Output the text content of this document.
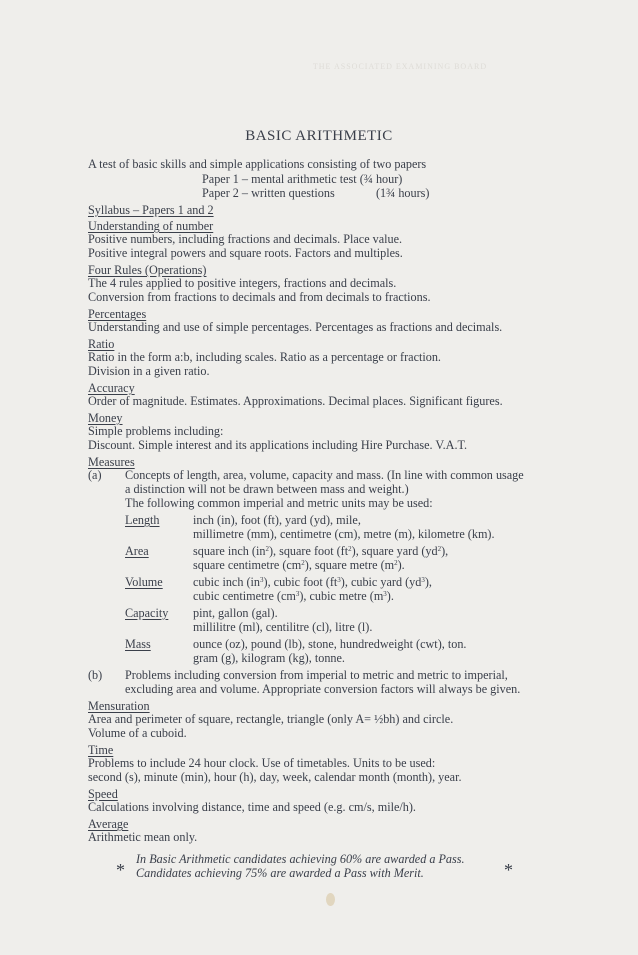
THE ASSOCIATED EXAMINING BOARD
BASIC ARITHMETIC
A test of basic skills and simple applications consisting of two papers
Paper 1 – mental arithmetic test (¾ hour)
Paper 2 – written questions	(1¾ hours)
Syllabus – Papers 1 and 2
Understanding of number
Positive numbers, including fractions and decimals. Place value.
Positive integral powers and square roots. Factors and multiples.
Four Rules (Operations)
The 4 rules applied to positive integers, fractions and decimals.
Conversion from fractions to decimals and from decimals to fractions.
Percentages
Understanding and use of simple percentages. Percentages as fractions and decimals.
Ratio
Ratio in the form a:b, including scales. Ratio as a percentage or fraction.
Division in a given ratio.
Accuracy
Order of magnitude. Estimates. Approximations. Decimal places. Significant figures.
Money
Simple problems including:
Discount. Simple interest and its applications including Hire Purchase. V.A.T.
Measures
(a) Concepts of length, area, volume, capacity and mass. (In line with common usage
a distinction will not be drawn between mass and weight.)
The following common imperial and metric units may be used:
Length	inch (in), foot (ft), yard (yd), mile,
millimetre (mm), centimetre (cm), metre (m), kilometre (km).
Area	square inch $(in^2)$, square foot $(ft^2)$, square yard $(yd^2)$,
square centimetre $(cm^2)$, square metre $(m^2)$.
Volume cubic inch $(in^3)$, cubic foot $(ft^3)$, cubic yard $(yd^3)$,
cubic centimetre $(cm^3)$, cubic metre $(m^3)$.
Capacity pint, gallon (gal).
millilitre (ml), centilitre (cl), litre (l).
Mass	ounce (oz), pound (lb), stone, hundredweight (cwt), ton.
gram (g), kilogram (kg), tonne.
(b) Problems including conversion from imperial to metric and metric to imperial,
excluding area and volume. Appropriate conversion factors will always be given.
Mensuration
Area and perimeter of square, rectangle, triangle (only A= ½bh) and circle.
Volume of a cuboid.
Time
Problems to include 24 hour clock. Use of timetables. Units to be used:
second (s), minute (min), hour (h), day, week, calendar month (month), year.
Speed
Calculations involving distance, time and speed (e.g. cm/s, mile/h).
Average
Arithmetic mean only.
*
In Basic Arithmetic candidates achieving 60% are awarded a Pass.
Candidates achieving 75% are awarded a Pass with Merit.	*
